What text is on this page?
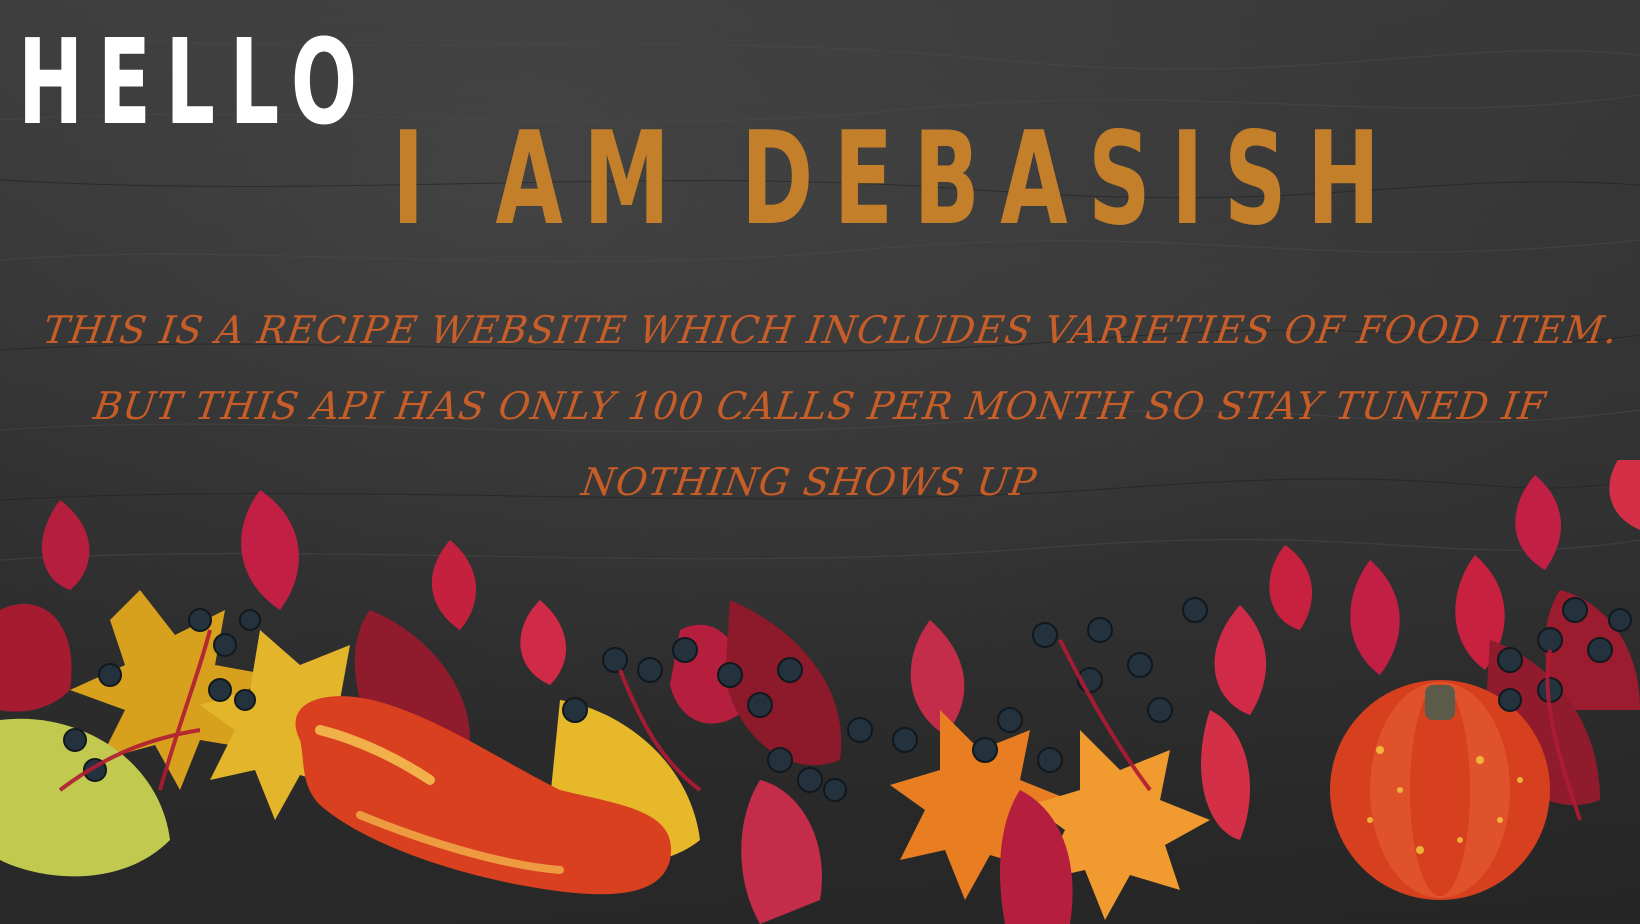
HELLO
I AM DEBASISH

THIS IS A RECIPE WEBSITE WHICH INCLUDES VARIETIES OF FOOD ITEM. BUT THIS API HAS ONLY 100 CALLS PER MONTH SO STAY TUNED IF NOTHING SHOWS UP
